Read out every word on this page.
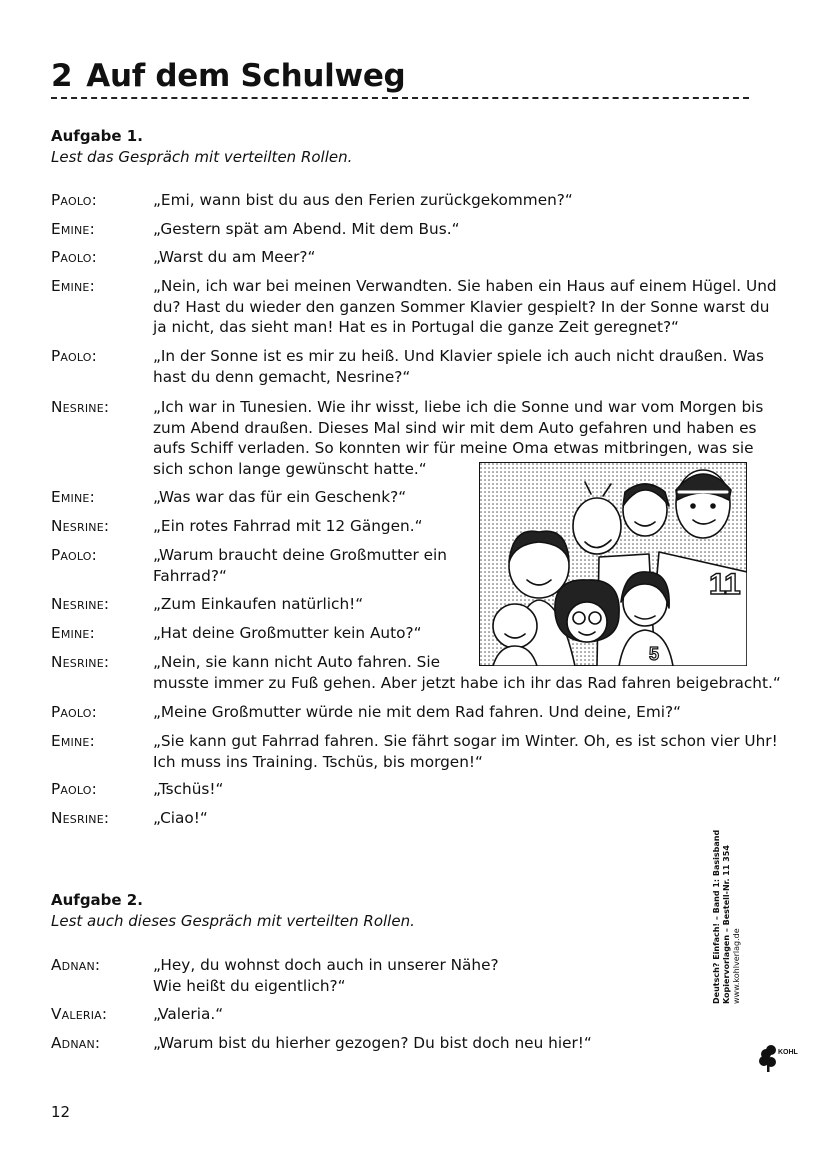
2 Auf dem Schulweg
Aufgabe 1.

Lest das Gespräch mit verteilten Rollen.

Paolo:	„Emi, wann bist du aus den Ferien zurückgekommen?“
Emine:	„Gestern spät am Abend. Mit dem Bus.“
Paolo:	„Warst du am Meer?“
Emine:	„Nein, ich war bei meinen Verwandten. Sie haben ein Haus auf einem Hügel. Und
du? Hast du wieder den ganzen Sommer Klavier gespielt? In der Sonne warst du
ja nicht, das sieht man! Hat es in Portugal die ganze Zeit geregnet?“
Paolo:	„In der Sonne ist es mir zu heiß. Und Klavier spiele ich auch nicht draußen. Was
hast du denn gemacht, Nesrine?“
Nesrine:	„Ich war in Tunesien. Wie ihr wisst, liebe ich die Sonne und war vom Morgen bis
zum Abend draußen. Dieses Mal sind wir mit dem Auto gefahren und haben es
aufs Schiff verladen. So konnten wir für meine Oma etwas mitbringen, was sie
sich schon lange gewünscht hatte.“
Emine:	„Was war das für ein Geschenk?“
Nesrine:	„Ein rotes Fahrrad mit 12 Gängen.“
Paolo:	„Warum braucht deine Großmutter ein
Fahrrad?“
Nesrine:	„Zum Einkaufen natürlich!“
Emine:	„Hat deine Großmutter kein Auto?“
Nesrine:	„Nein, sie kann nicht Auto fahren. Sie
musste immer zu Fuß gehen. Aber jetzt habe ich ihr das Rad fahren beigebracht.“
Paolo:	„Meine Großmutter würde nie mit dem Rad fahren. Und deine, Emi?“
Emine:	„Sie kann gut Fahrrad fahren. Sie fährt sogar im Winter. Oh, es ist schon vier Uhr!
Ich muss ins Training. Tschüs, bis morgen!“
Paolo:	„Tschüs!“
Nesrine:	„Ciao!“
11
5
Aufgabe 2.

Lest auch dieses Gespräch mit verteilten Rollen.

Adnan:	„Hey, du wohnst doch auch in unserer Nähe?
Wie heißt du eigentlich?“
Valeria:	„Valeria.“
Adnan:	„Warum bist du hierher gezogen? Du bist doch neu hier!“
Deutsch? Einfach! – Band 1: Basisband Kopiervorlagen – Bestell-Nr. 11 354 www.kohlverlag.de
KOHL
12
